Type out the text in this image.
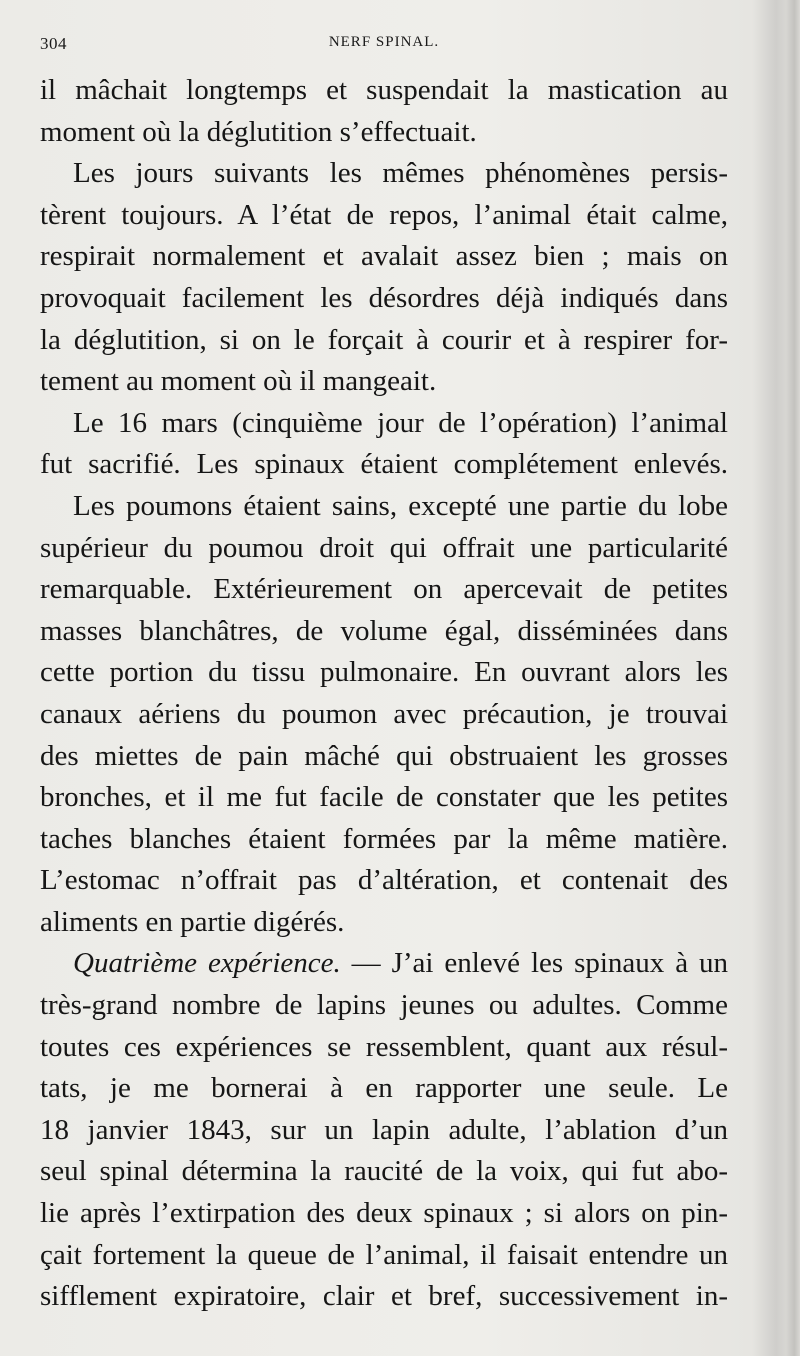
304	NERF SPINAL.
il mâchait longtemps et suspendait la mastication au
moment où la déglutition s’effectuait.
Les jours suivants les mêmes phénomènes persis-
tèrent toujours. A l’état de repos, l’animal était calme,
respirait normalement et avalait assez bien ; mais on
provoquait facilement les désordres déjà indiqués dans
la déglutition, si on le forçait à courir et à respirer for-
tement au moment où il mangeait.
Le 16 mars (cinquième jour de l’opération) l’animal
fut sacrifié. Les spinaux étaient complétement enlevés.
Les poumons étaient sains, excepté une partie du lobe
supérieur du poumou droit qui offrait une particularité
remarquable. Extérieurement on apercevait de petites
masses blanchâtres, de volume égal, disséminées dans
cette portion du tissu pulmonaire. En ouvrant alors les
canaux aériens du poumon avec précaution, je trouvai
des miettes de pain mâché qui obstruaient les grosses
bronches, et il me fut facile de constater que les petites
taches blanches étaient formées par la même matière.
L’estomac n’offrait pas d’altération, et contenait des
aliments en partie digérés.
Quatrième expérience. — J’ai enlevé les spinaux à un
très-grand nombre de lapins jeunes ou adultes. Comme
toutes ces expériences se ressemblent, quant aux résul-
tats, je me bornerai à en rapporter une seule. Le
18 janvier 1843, sur un lapin adulte, l’ablation d’un
seul spinal détermina la raucité de la voix, qui fut abo-
lie après l’extirpation des deux spinaux ; si alors on pin-
çait fortement la queue de l’animal, il faisait entendre un
sifflement expiratoire, clair et bref, successivement in-
